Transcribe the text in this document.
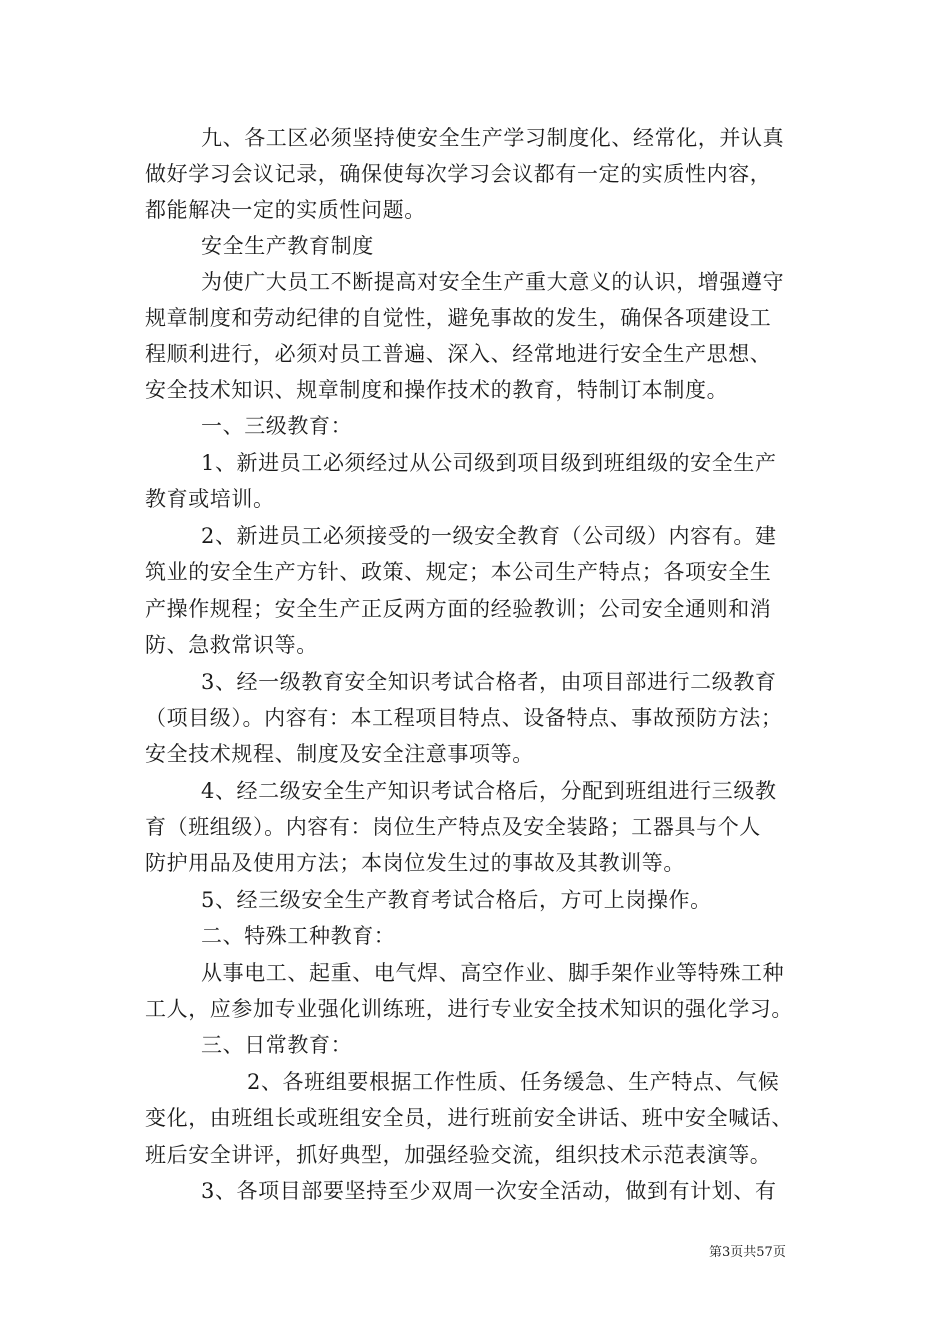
九、各工区必须坚持使安全生产学习制度化、经常化，并认真
做好学习会议记录，确保使每次学习会议都有一定的实质性内容，
都能解决一定的实质性问题。
安全生产教育制度
为使广大员工不断提高对安全生产重大意义的认识，增强遵守
规章制度和劳动纪律的自觉性，避免事故的发生，确保各项建设工
程顺利进行，必须对员工普遍、深入、经常地进行安全生产思想、
安全技术知识、规章制度和操作技术的教育，特制订本制度。
一、三级教育：
1、新进员工必须经过从公司级到项目级到班组级的安全生产
教育或培训。
2、新进员工必须接受的一级安全教育（公司级）内容有。建
筑业的安全生产方针、政策、规定；本公司生产特点；各项安全生
产操作规程；安全生产正反两方面的经验教训；公司安全通则和消
防、急救常识等。
3、经一级教育安全知识考试合格者，由项目部进行二级教育
（项目级）。内容有：本工程项目特点、设备特点、事故预防方法；
安全技术规程、制度及安全注意事项等。
4、经二级安全生产知识考试合格后，分配到班组进行三级教
育（班组级）。内容有：岗位生产特点及安全装路；工器具与个人
防护用品及使用方法；本岗位发生过的事故及其教训等。
5、经三级安全生产教育考试合格后，方可上岗操作。
二、特殊工种教育：
从事电工、起重、电气焊、高空作业、脚手架作业等特殊工种
工人，应参加专业强化训练班，进行专业安全技术知识的强化学习。
三、日常教育：
2、各班组要根据工作性质、任务缓急、生产特点、气候
变化，由班组长或班组安全员，进行班前安全讲话、班中安全喊话、
班后安全讲评，抓好典型，加强经验交流，组织技术示范表演等。
3、各项目部要坚持至少双周一次安全活动，做到有计划、有
第3页共57页
